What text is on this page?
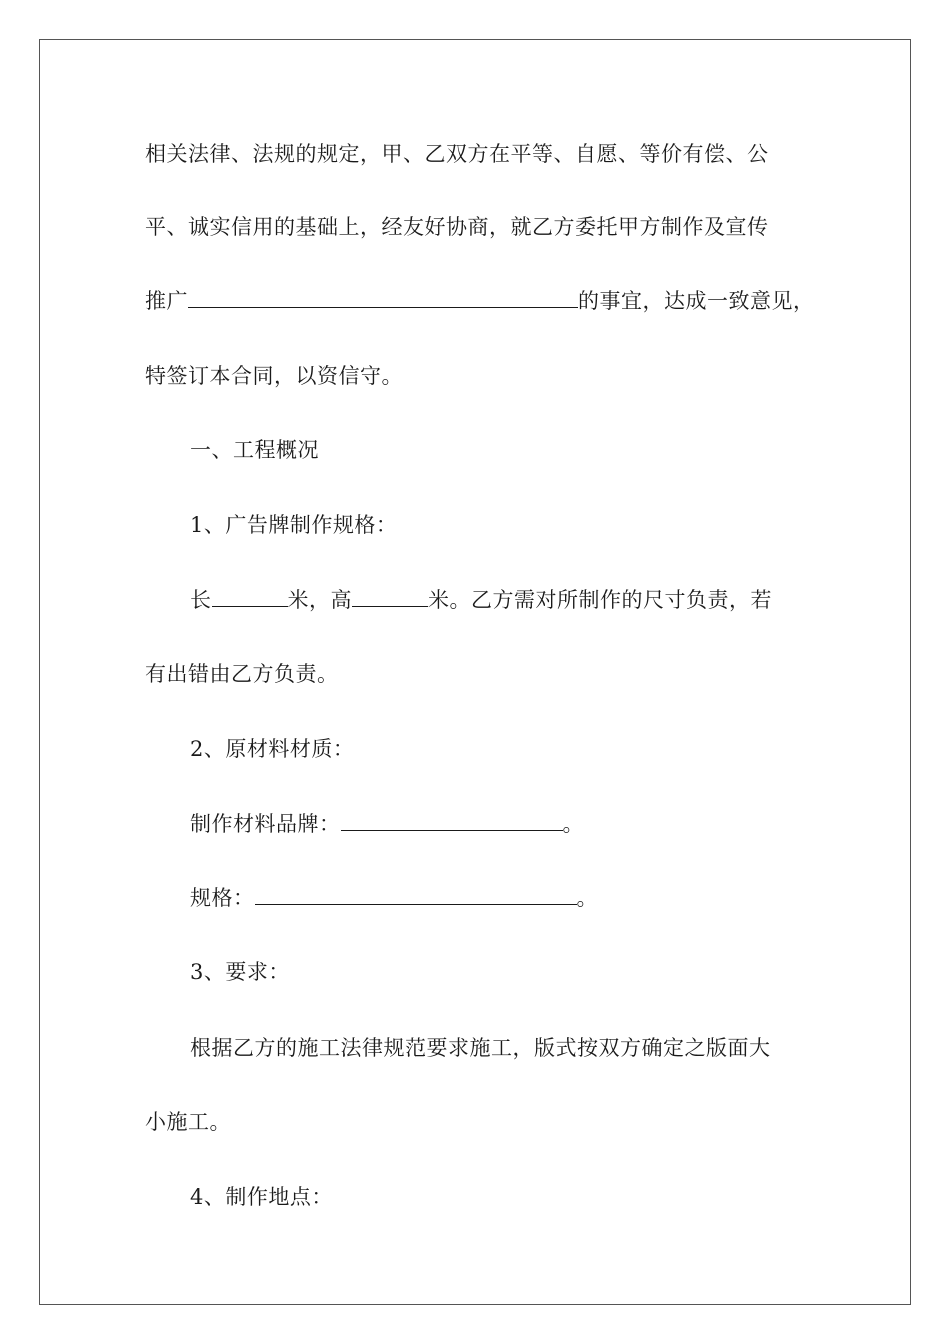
相关法律、法规的规定，甲、乙双方在平等、自愿、等价有偿、公
平、诚实信用的基础上，经友好协商，就乙方委托甲方制作及宣传
推广	的事宜，达成一致意见，
特签订本合同，以资信守。
一、工程概况
1、广告牌制作规格：
长	米，高	米。乙方需对所制作的尺寸负责，若
有出错由乙方负责。
2、原材料材质：
制作材料品牌：	。
规格：	。
3、要求：
根据乙方的施工法律规范要求施工，版式按双方确定之版面大
小施工。
4、制作地点：
